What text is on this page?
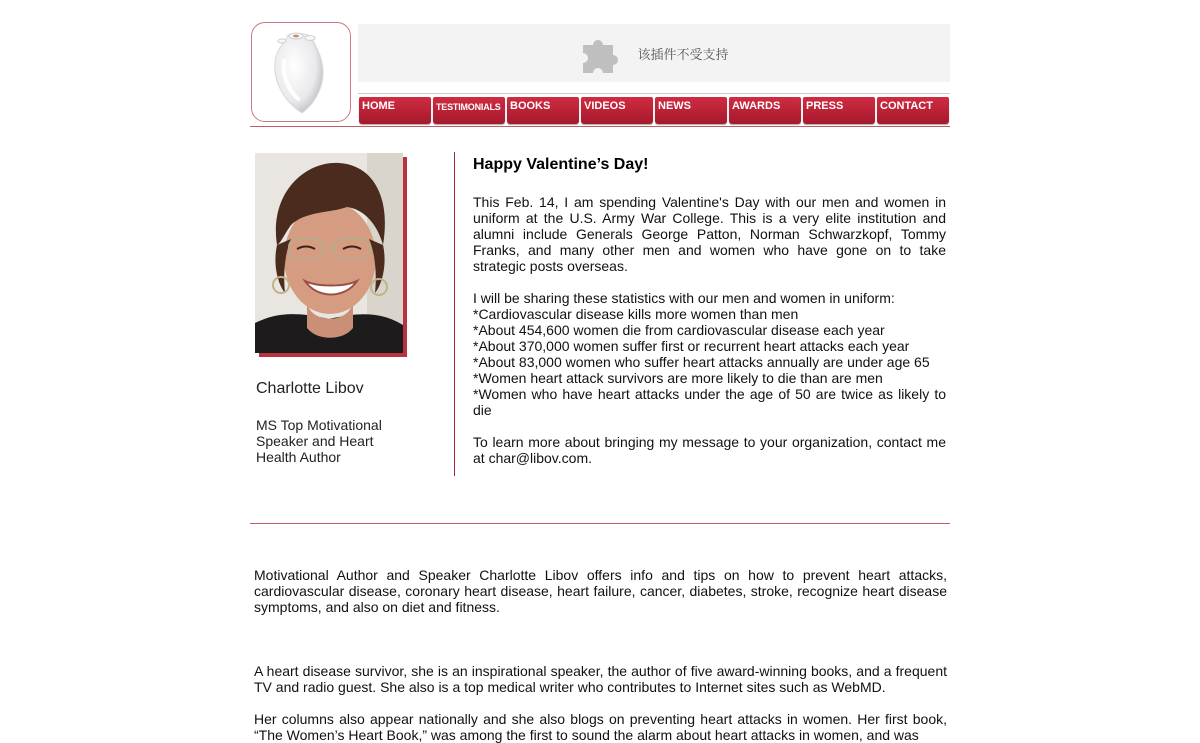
该插件不受支持
HOME	TESTIMONIALS BOOKS	VIDEOS	NEWS	AWARDS	PRESS	CONTACT
Charlotte Libov
MS Top Motivational Speaker and Heart Health Author
Happy Valentine’s Day!

This Feb. 14, I am spending Valentine's Day with our men and women in uniform at the U.S. Army War College. This is a very elite institution and alumni include Generals George Patton, Norman Schwarzkopf, Tommy Franks, and many other men and women who have gone on to take strategic posts overseas.

I will be sharing these statistics with our men and women in uniform:
*Cardiovascular disease kills more women than men
*About 454,600 women die from cardiovascular disease each year
*About 370,000 women suffer first or recurrent heart attacks each year
*About 83,000 women who suffer heart attacks annually are under age 65
*Women heart attack survivors are more likely to die than are men
*Women who have heart attacks under the age of 50 are twice as likely to die

To learn more about bringing my message to your organization, contact me at char@libov.com.

Motivational Author and Speaker Charlotte Libov offers info and tips on how to prevent heart attacks, cardiovascular disease, coronary heart disease, heart failure, cancer, diabetes, stroke, recognize heart disease symptoms, and also on diet and fitness.
A heart disease survivor, she is an inspirational speaker, the author of five award-winning books, and a frequent TV and radio guest. She also is a top medical writer who contributes to Internet sites such as WebMD.
Her columns also appear nationally and she also blogs on preventing heart attacks in women. Her first book, “The Women’s Heart Book,” was among the first to sound the alarm about heart attacks in women, and was
